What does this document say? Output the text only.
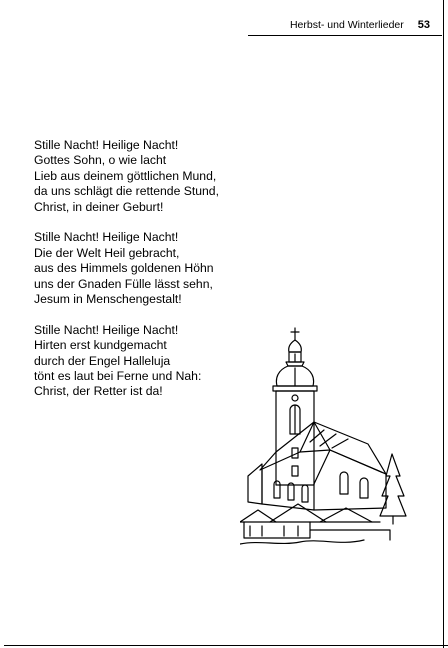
Herbst- und Winterlieder 53
Stille Nacht! Heilige Nacht!
Gottes Sohn, o wie lacht
Lieb aus deinem göttlichen Mund,
da uns schlägt die rettende Stund,
Christ, in deiner Geburt!
Stille Nacht! Heilige Nacht!
Die der Welt Heil gebracht,
aus des Himmels goldenen Höhn
uns der Gnaden Fülle lässt sehn,
Jesum in Menschengestalt!
Stille Nacht! Heilige Nacht!
Hirten erst kundgemacht
durch der Engel Halleluja
tönt es laut bei Ferne und Nah:
Christ, der Retter ist da!
